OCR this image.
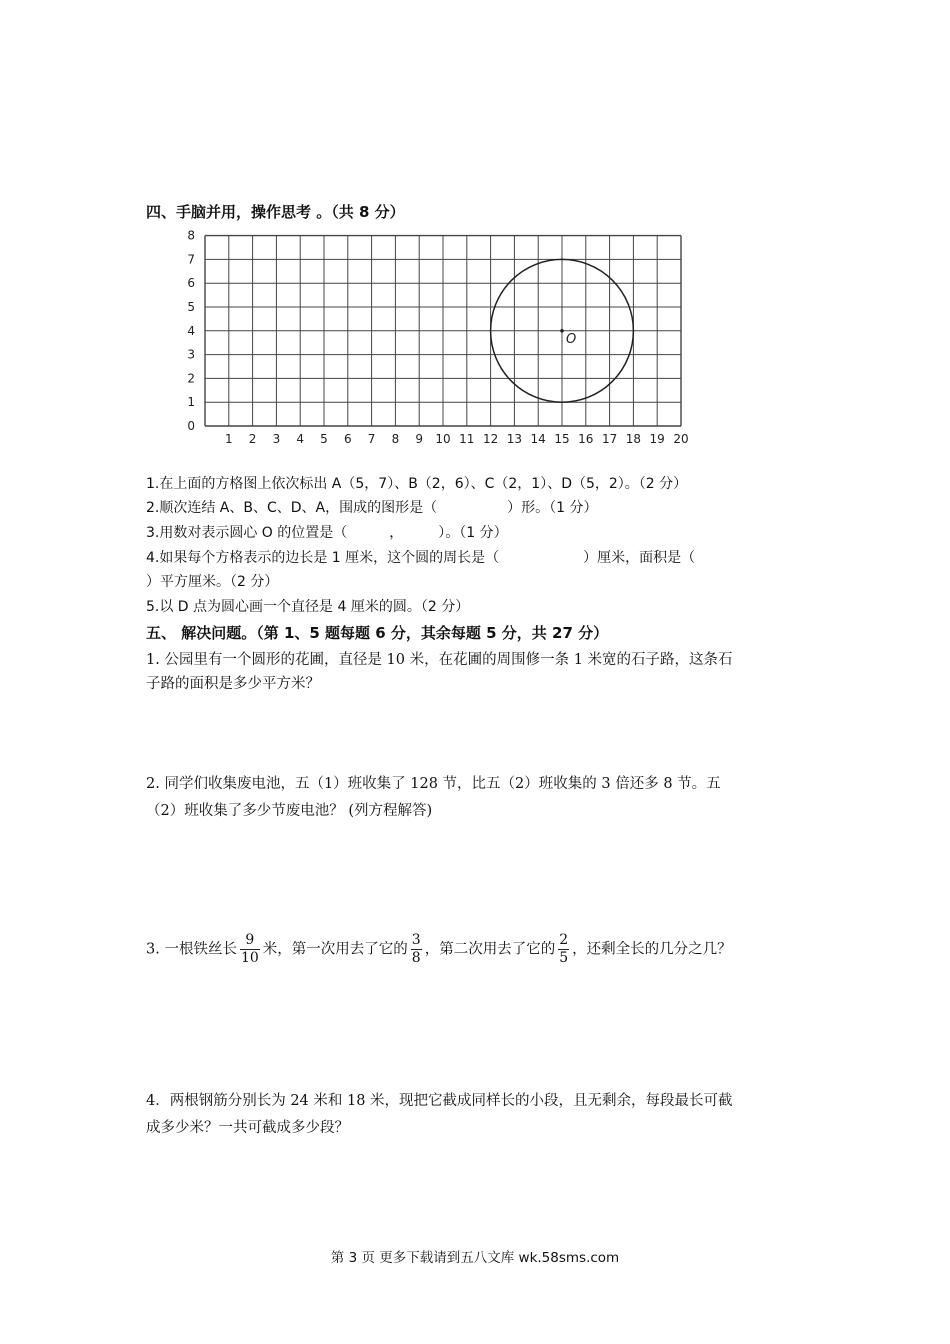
四、手脑并用，操作思考 。（共 8 分）
1 2 3 4 5 6 7 8 9 10 11 12 13 14 15 16 17 18 19 20
0
1
2
3
4
5
6
7
8
O
1.在上面的方格图上依次标出 A（5，7）、B（2，6）、C（2，1）、D（5，2）。（2 分）
2.顺次连结 A、B、C、D、A，围成的图形是（　　　　　）形。（1 分）
3.用数对表示圆心 O 的位置是（　　　，　　　）。（1 分）
4.如果每个方格表示的边长是 1 厘米，这个圆的周长是（　　　　　　）厘米，面积是（
）平方厘米。（2 分）
5.以 D 点为圆心画一个直径是 4 厘米的圆。（2 分）
五、 解决问题。（第 1、5 题每题 6 分，其余每题 5 分，共 27 分）
1. 公园里有一个圆形的花圃，直径是 10 米，在花圃的周围修一条 1 米宽的石子路，这条石
子路的面积是多少平方米？
2. 同学们收集废电池，五（1）班收集了 128 节，比五（2）班收集的 3 倍还多 8 节。五
（2）班收集了多少节废电池？ (列方程解答)
3. 一根铁丝长 $\frac{9}{10}$ 米，第一次用去了它的 $\frac{3}{8}$ ，第二次用去了它的 $\frac{2}{5}$ ，还剩全长的几分之几？
4．两根钢筋分别长为 24 米和 18 米，现把它截成同样长的小段，且无剩余，每段最长可截
成多少米？一共可截成多少段？
第 3 页 更多下载请到五八文库 wk.58sms.com
